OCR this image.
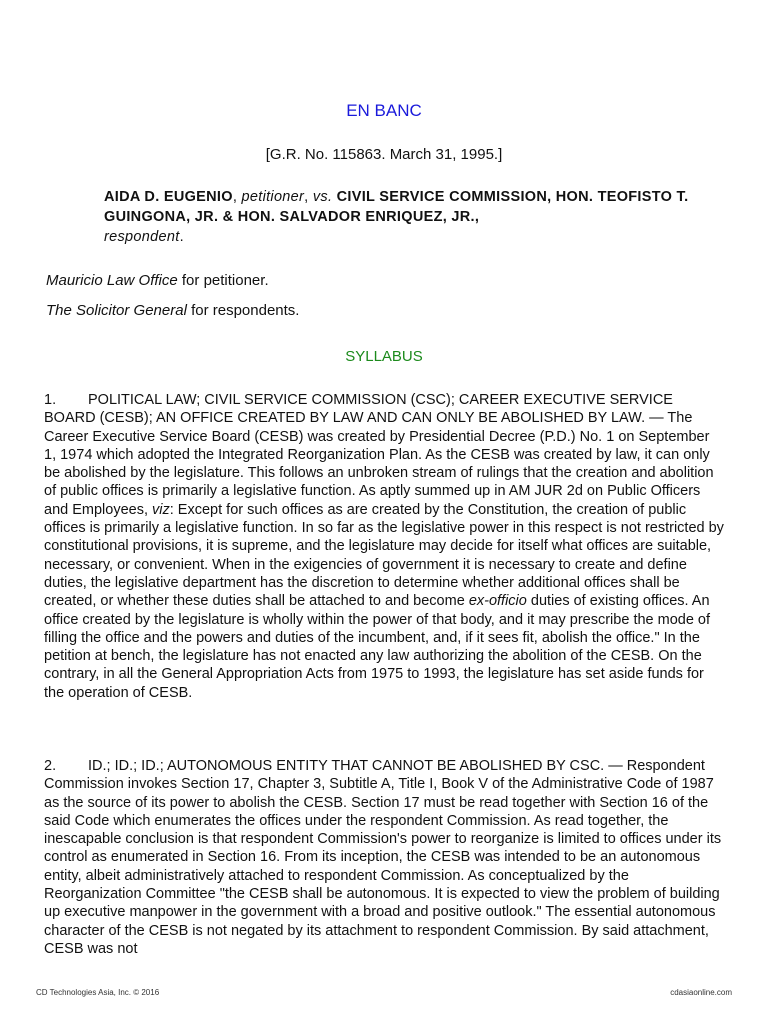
EN BANC
[G.R. No. 115863. March 31, 1995.]
AIDA D. EUGENIO, petitioner, vs. CIVIL SERVICE COMMISSION, HON. TEOFISTO T. GUINGONA, JR. & HON. SALVADOR ENRIQUEZ, JR.,
respondent.
Mauricio Law Office for petitioner.
The Solicitor General for respondents.
SYLLABUS
1. POLITICAL LAW; CIVIL SERVICE COMMISSION (CSC); CAREER EXECUTIVE SERVICE BOARD (CESB); AN OFFICE CREATED BY LAW AND CAN ONLY BE ABOLISHED BY LAW. — The Career Executive Service Board (CESB) was created by Presidential Decree (P.D.) No. 1 on September 1, 1974 which adopted the Integrated Reorganization Plan. As the CESB was created by law, it can only be abolished by the legislature. This follows an unbroken stream of rulings that the creation and abolition of public offices is primarily a legislative function. As aptly summed up in AM JUR 2d on Public Officers and Employees, viz: Except for such offices as are created by the Constitution, the creation of public offices is primarily a legislative function. In so far as the legislative power in this respect is not restricted by constitutional provisions, it is supreme, and the legislature may decide for itself what offices are suitable, necessary, or convenient. When in the exigencies of government it is necessary to create and define duties, the legislative department has the discretion to determine whether additional offices shall be created, or whether these duties shall be attached to and become ex-officio duties of existing offices. An office created by the legislature is wholly within the power of that body, and it may prescribe the mode of filling the office and the powers and duties of the incumbent, and, if it sees fit, abolish the office." In the petition at bench, the legislature has not enacted any law authorizing the abolition of the CESB. On the contrary, in all the General Appropriation Acts from 1975 to 1993, the legislature has set aside funds for the operation of CESB.
2. ID.; ID.; ID.; AUTONOMOUS ENTITY THAT CANNOT BE ABOLISHED BY CSC. — Respondent Commission invokes Section 17, Chapter 3, Subtitle A, Title I, Book V of the Administrative Code of 1987 as the source of its power to abolish the CESB. Section 17 must be read together with Section 16 of the said Code which enumerates the offices under the respondent Commission. As read together, the inescapable conclusion is that respondent Commission's power to reorganize is limited to offices under its control as enumerated in Section 16. From its inception, the CESB was intended to be an autonomous entity, albeit administratively attached to respondent Commission. As conceptualized by the Reorganization Committee "the CESB shall be autonomous. It is expected to view the problem of building up executive manpower in the government with a broad and positive outlook." The essential autonomous character of the CESB is not negated by its attachment to respondent Commission. By said attachment, CESB was not
CD Technologies Asia, Inc. © 2016	cdasiaonline.com
